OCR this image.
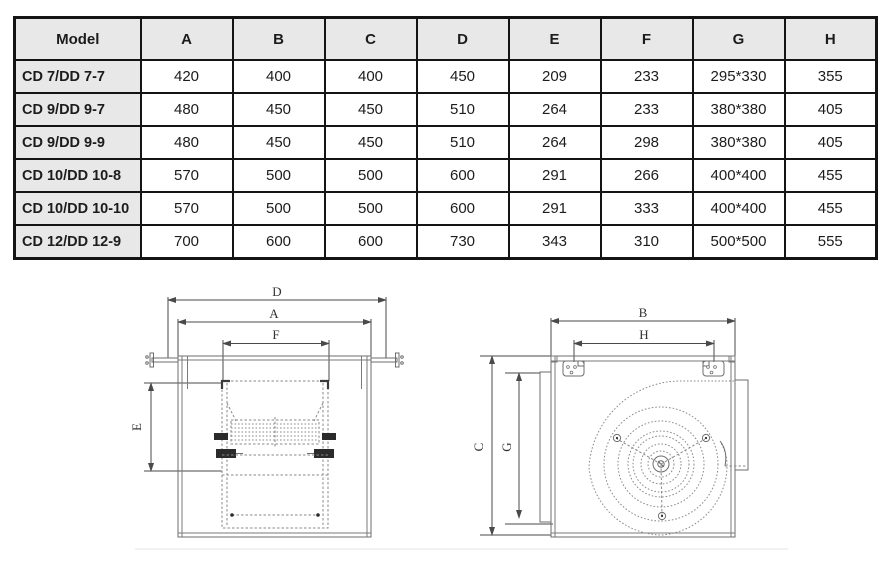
Model	A	B	C	D	E	F	G	H
CD 7/DD 7-7	420	400	400	450	209	233	295*330	355
CD 9/DD 9-7	480	450	450	510	264	233	380*380	405
CD 9/DD 9-9	480	450	450	510	264	298	380*380	405
CD 10/DD 10-8	570	500	500	600	291	266	400*400	455
CD 10/DD 10-10	570	500	500	600	291	333	400*400	455
CD 12/DD 12-9	700	600	600	730	343	310	500*500	555
D
A
F
E
B
H
C G
